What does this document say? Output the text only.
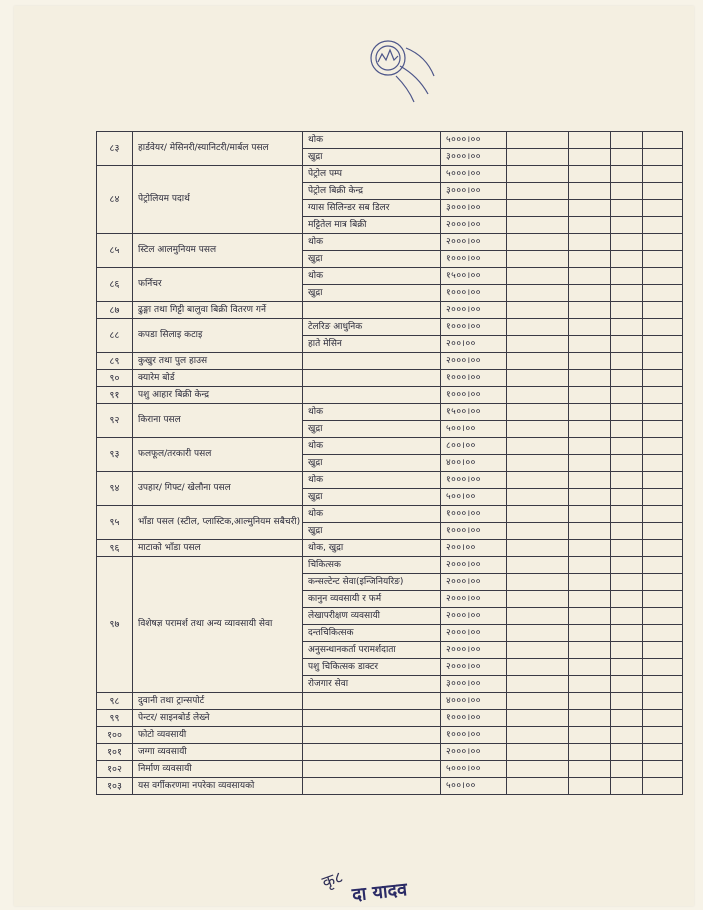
८३	हार्डवेयर/ मेसिनरी/स्यानिटरी/मार्बल पसल	थोक	५०००।००				
		खुद्रा	३०००।००				
८४	पेट्रोलियम पदार्थ	पेट्रोल पम्प	५०००।००				
		पेट्रोल बिक्री केन्द्र	३०००।००				
		ग्यास सिलिन्डर सब डिलर	३०००।००				
		मट्टितेल मात्र बिक्री	२०००।००				
८५	स्टिल आलमुनियम पसल	थोक	२०००।००				
		खुद्रा	१०००।००				
८६	फर्निचर	थोक	१५००।००				
		खुद्रा	१०००।००				
८७	ढुङ्गा तथा गिट्टी बालुवा बिक्री वितरण गर्ने		२०००।००				
८८	कपडा सिलाइ कटाइ	टेलरिङ आधुनिक	१०००।००				
		हाते मेसिन	२००।००				
८९	कुखुर तथा पुल हाउस		२०००।००				
९०	क्यारेम बोर्ड		१०००।००				
९१	पशु आहार बिक्री केन्द्र		१०००।००				
९२	किराना पसल	थोक	१५००।००				
		खुद्रा	५००।००				
९३	फलफूल/तरकारी पसल	थोक	८००।००				
		खुद्रा	४००।००				
९४	उपहार/ गिफ्ट/ खेलौना पसल	थोक	१०००।००				
		खुद्रा	५००।००				
९५	भाँडा पसल (स्टील, प्लास्टिक,आल्मुनियम सबैचरी)	थोक	१०००।००				
		खुद्रा	१०००।००				
९६	माटाको भाँडा पसल	थोक, खुद्रा	२००।००				
९७	विशेषज्ञ परामर्श तथा अन्य व्यावसायी सेवा	चिकित्सक	२०००।००				
		कन्सल्टेन्ट सेवा(इन्जिनियरिङ)	२०००।००				
		कानुन व्यवसायी र फर्म	२०००।००				
		लेखापरीक्षण व्यवसायी	२०००।००				
		दन्तचिकित्सक	२०००।००				
		अनुसन्धानकर्ता परामर्शदाता	२०००।००				
		पशु चिकित्सक डाक्टर	२०००।००				
		रोजगार सेवा	३०००।००				
९८	दुवानी तथा ट्रान्सपोर्ट		४०००।००				
९९	पेन्टर/ साइनबोर्ड लेख्ने		१०००।००				
१००	फोटो व्यवसायी		१०००।००				
१०१	जग्गा व्यवसायी		२०००।००				
१०२	निर्माण व्यवसायी		५०००।००				
१०३	यस वर्गीकरणमा नपरेका व्यवसायको		५००।००				
कृ८ दा यादव
